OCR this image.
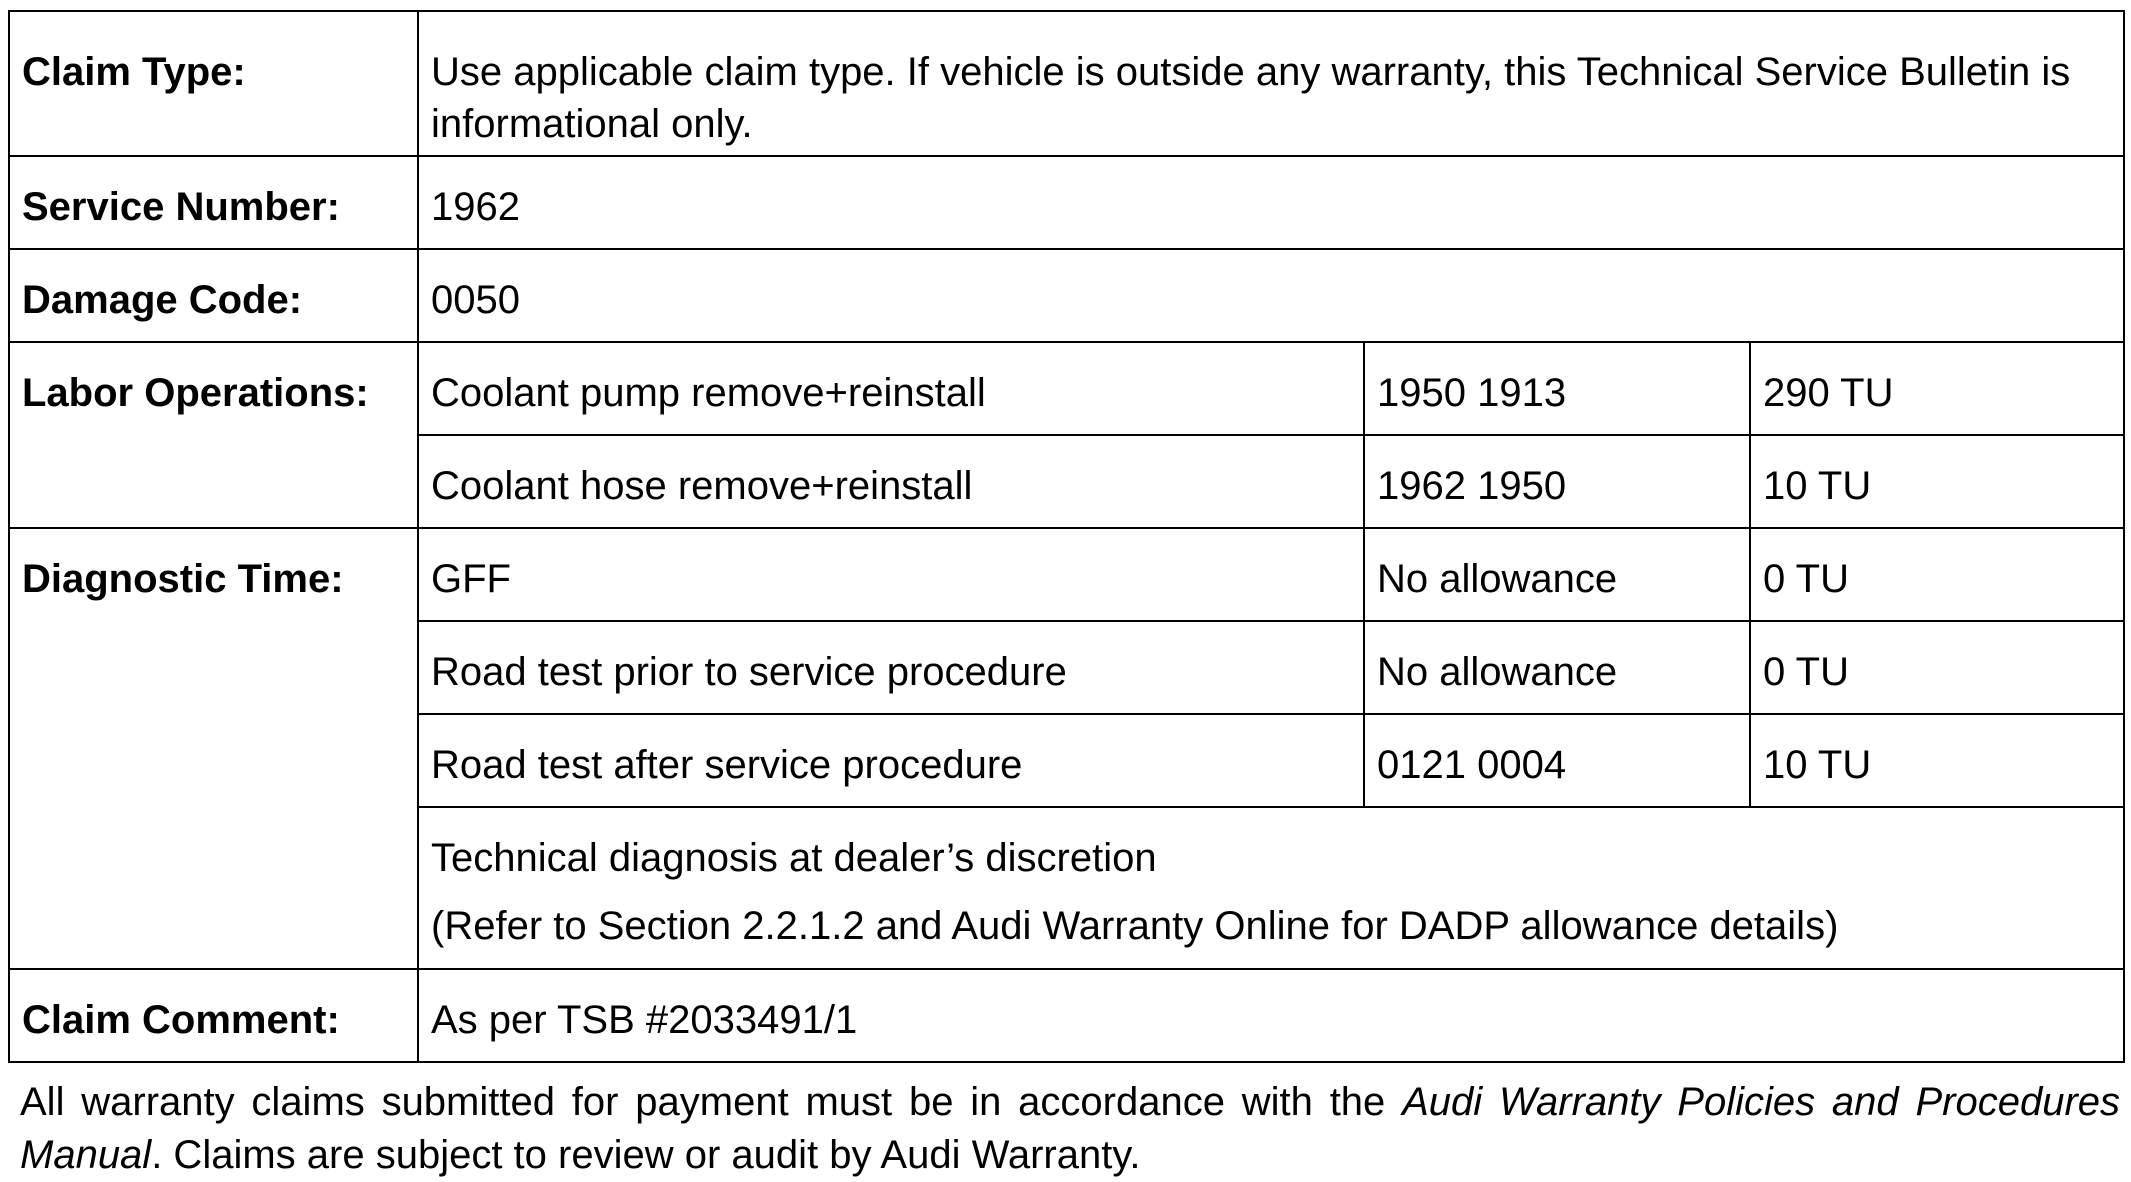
Claim Type:	Use applicable claim type. If vehicle is outside any warranty, this Technical Service Bulletin is informational only.		
Service Number:	1962		
Damage Code:	0050		
Labor Operations:	Coolant pump remove+reinstall	1950 1913	290 TU
	Coolant hose remove+reinstall	1962 1950	10 TU
Diagnostic Time:	GFF	No allowance	0 TU
	Road test prior to service procedure	No allowance	0 TU
	Road test after service procedure	0121 0004	10 TU
	Technical diagnosis at dealer’s discretion
(Refer to Section 2.2.1.2 and Audi Warranty Online for DADP allowance details)		

Claim Comment:	As per TSB #2033491/1		
All warranty claims submitted for payment must be in accordance with the Audi Warranty Policies and Procedures Manual. Claims are subject to review or audit by Audi Warranty.
